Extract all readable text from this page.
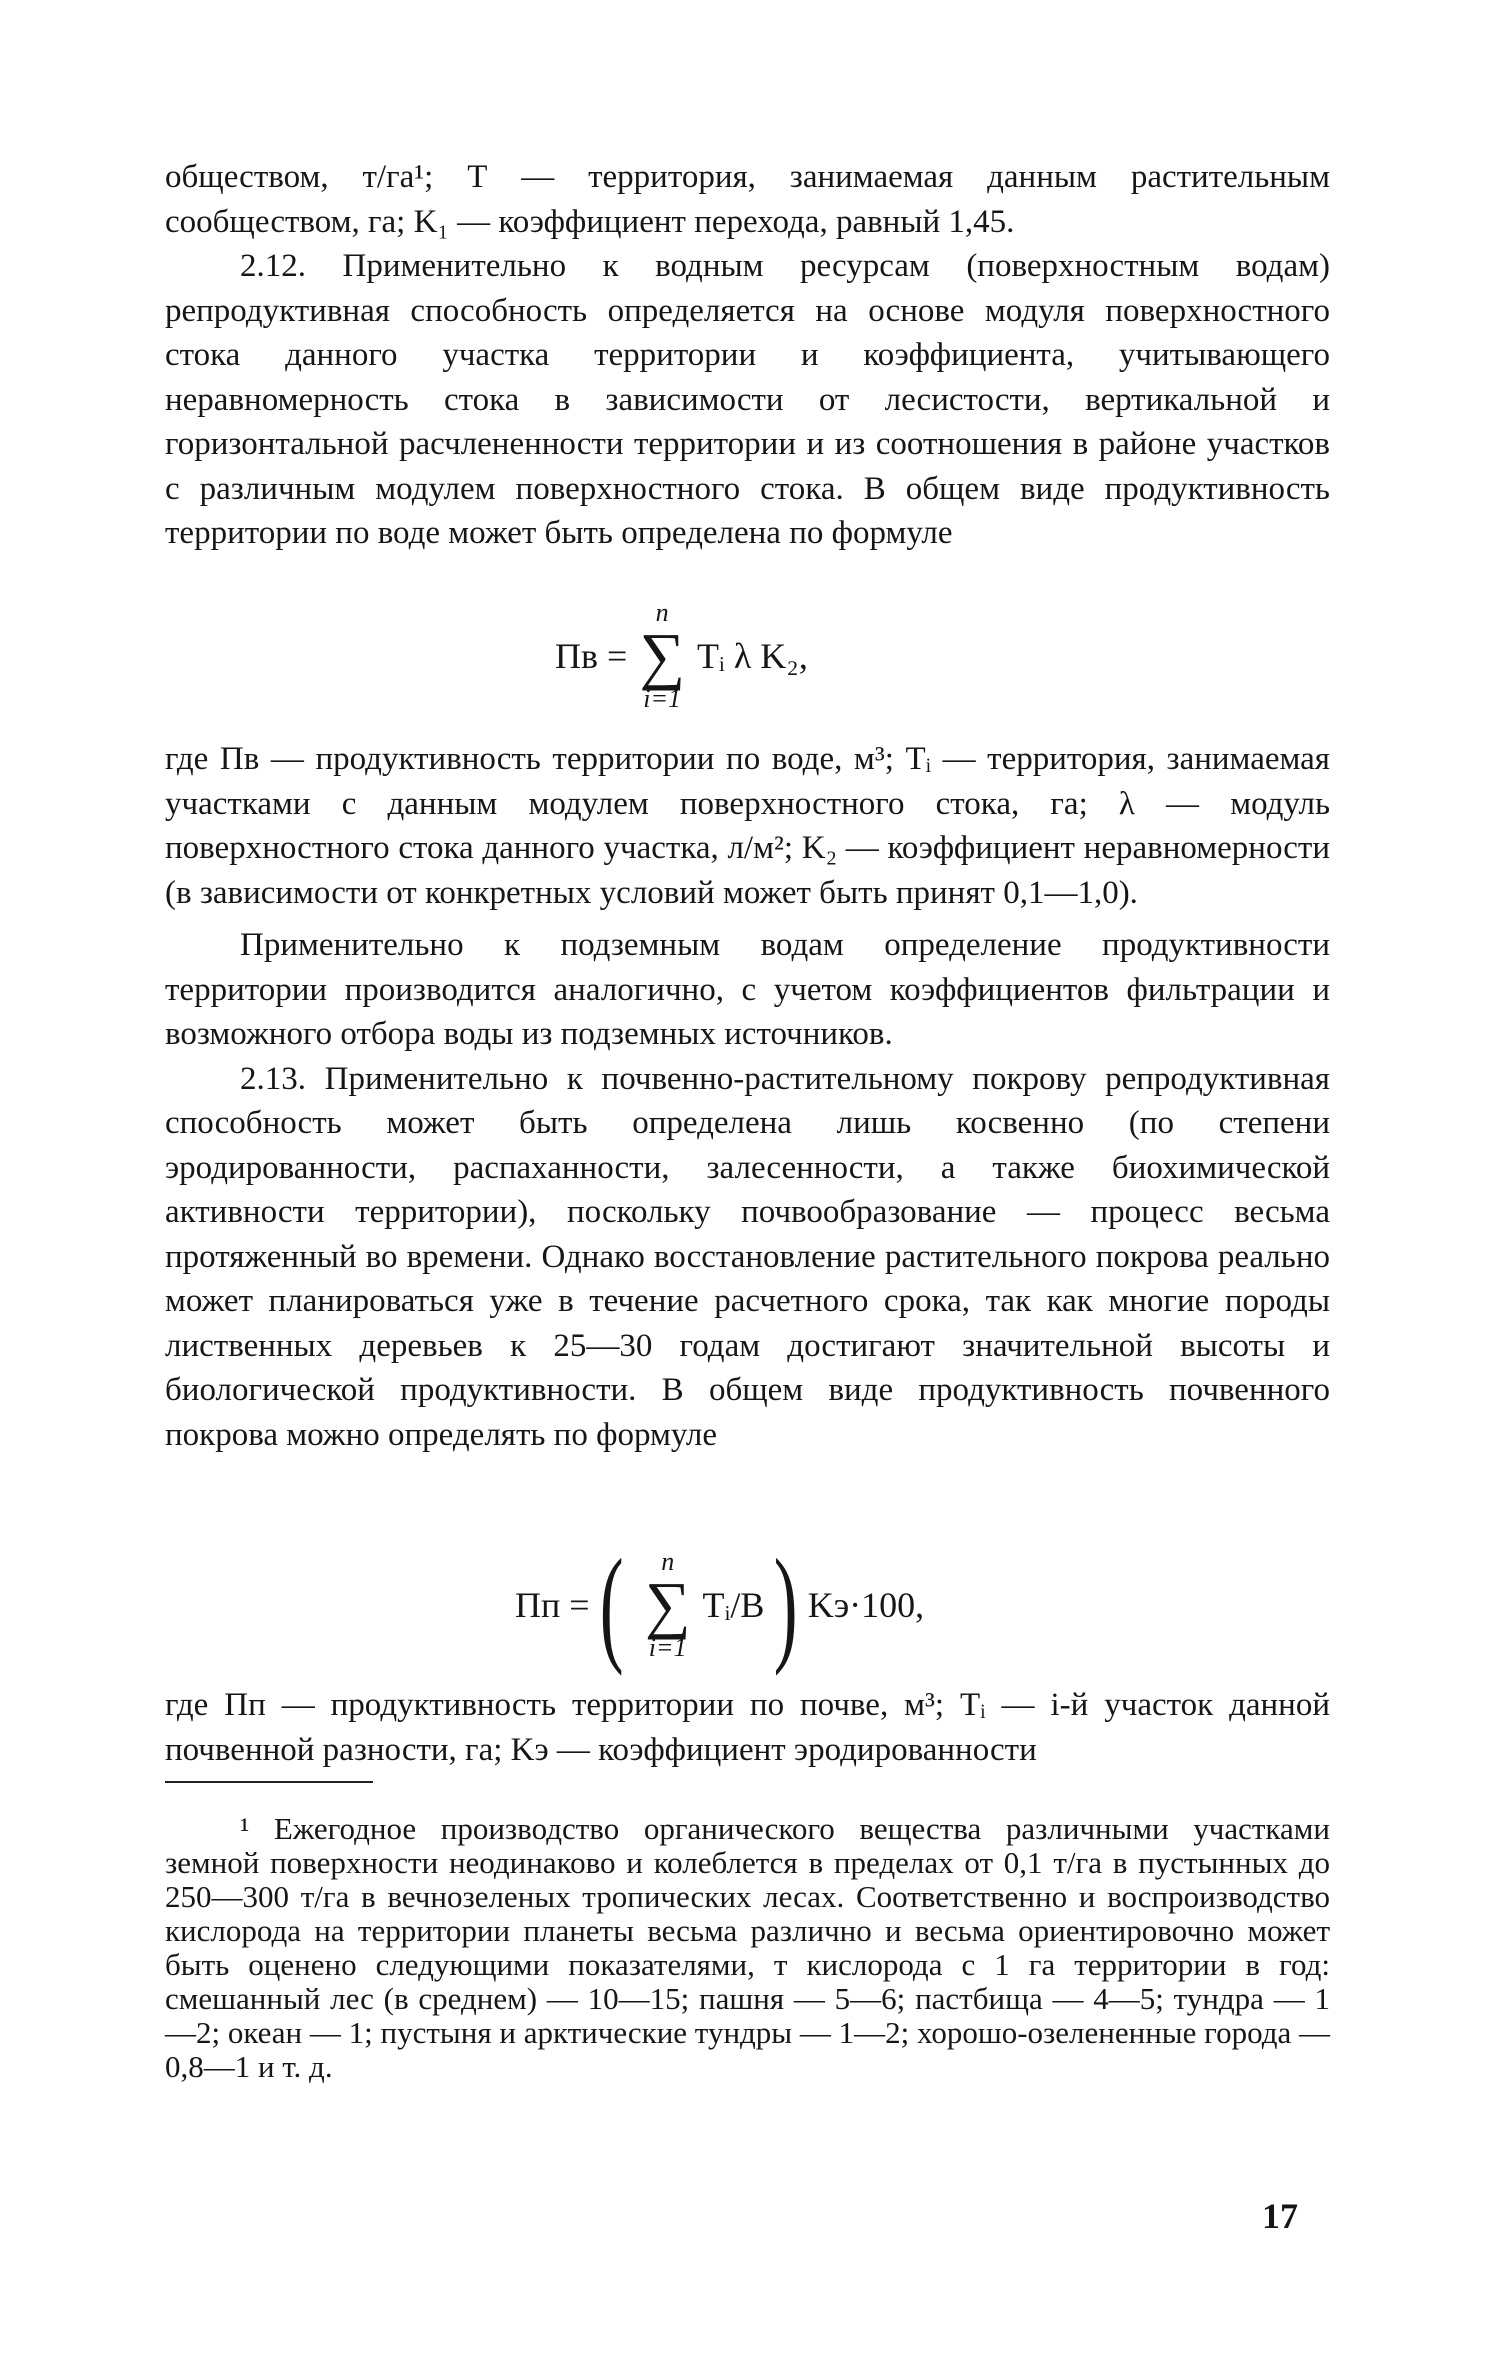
обществом, т/га¹; Т — территория, занимаемая данным растительным сообществом, га; K₁ — коэффициент перехода, равный 1,45.

2.12. Применительно к водным ресурсам (поверхностным водам) репродуктивная способность определяется на основе модуля поверхностного стока данного участка территории и коэффициента, учитывающего неравномерность стока в зависимости от лесистости, вертикальной и горизонтальной расчлененности территории и из соотношения в районе участков с различным модулем поверхностного стока. В общем виде продуктивность территории по воде может быть определена по формуле

Пв =
n
∑
i=1
Tᵢ λ K₂,

где Пв — продуктивность территории по воде, м³; Tᵢ — территория, занимаемая участками с данным модулем поверхностного стока, га; λ — модуль поверхностного стока данного участка, л/м²; K₂ — коэффициент неравномерности (в зависимости от конкретных условий может быть принят 0,1—1,0).

Применительно к подземным водам определение продуктивности территории производится аналогично, с учетом коэффициентов фильтрации и возможного отбора воды из подземных источников.

2.13. Применительно к почвенно-растительному покрову репродуктивная способность может быть определена лишь косвенно (по степени эродированности, распаханности, залесенности, а также биохимической активности территории), поскольку почвообразование — процесс весьма протяженный во времени. Однако восстановление растительного покрова реально может планироваться уже в течение расчетного срока, так как многие породы лиственных деревьев к 25—30 годам достигают значительной высоты и биологической продуктивности. В общем виде продуктивность почвенного покрова можно определять по формуле

Пп = ( n
∑
i=1
Tᵢ/B ) Kэ·100,

где Пп — продуктивность территории по почве, м³; Tᵢ — i-й участок данной почвенной разности, га; Kэ — коэффициент эродированности

¹ Ежегодное производство органического вещества различными участками земной поверхности неодинаково и колеблется в пределах от 0,1 т/га в пустынных до 250—300 т/га в вечнозеленых тропических лесах. Соответственно и воспроизводство кислорода на территории планеты весьма различно и весьма ориентировочно может быть оценено следующими показателями, т кислорода с 1 га территории в год: смешанный лес (в среднем) — 10—15; пашня — 5—6; пастбища — 4—5; тундра — 1—2; океан — 1; пустыня и арктические тундры — 1—2; хорошо-озелененные города — 0,8—1 и т. д.

17
